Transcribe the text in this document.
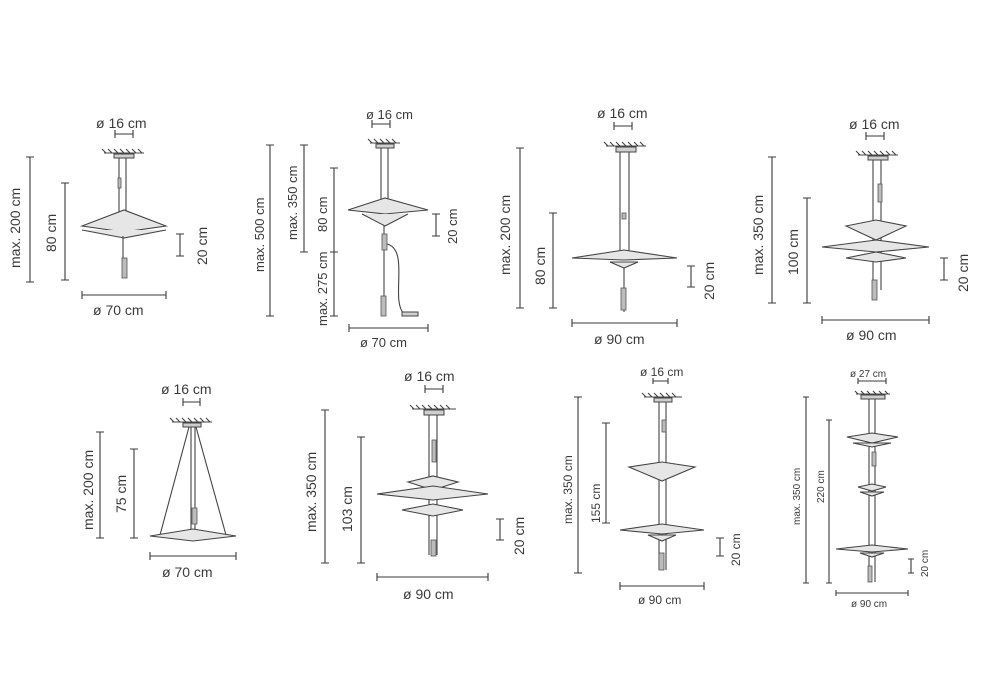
ø 16 cm
max. 200 cm 80 cm	20 cm
ø 70 cm
ø 16 cm
max. 500 cm max. 350 cm 80 cm
max. 275 cm
20 cm
ø 70 cm
ø 16 cm
max. 200 cm 80 cm	20 cm
ø 90 cm
ø 16 cm
max. 350 cm 100 cm	20 cm
ø 90 cm
ø 16 cm
max. 200 cm 75 cm
ø 70 cm
ø 16 cm
max. 350 cm 103 cm
20 cm
ø 90 cm
ø 16 cm
max. 350 cm 155 cm
20 cm
ø 90 cm
ø 27 cm
max. 350 cm 220 cm
20 cm
ø 90 cm
